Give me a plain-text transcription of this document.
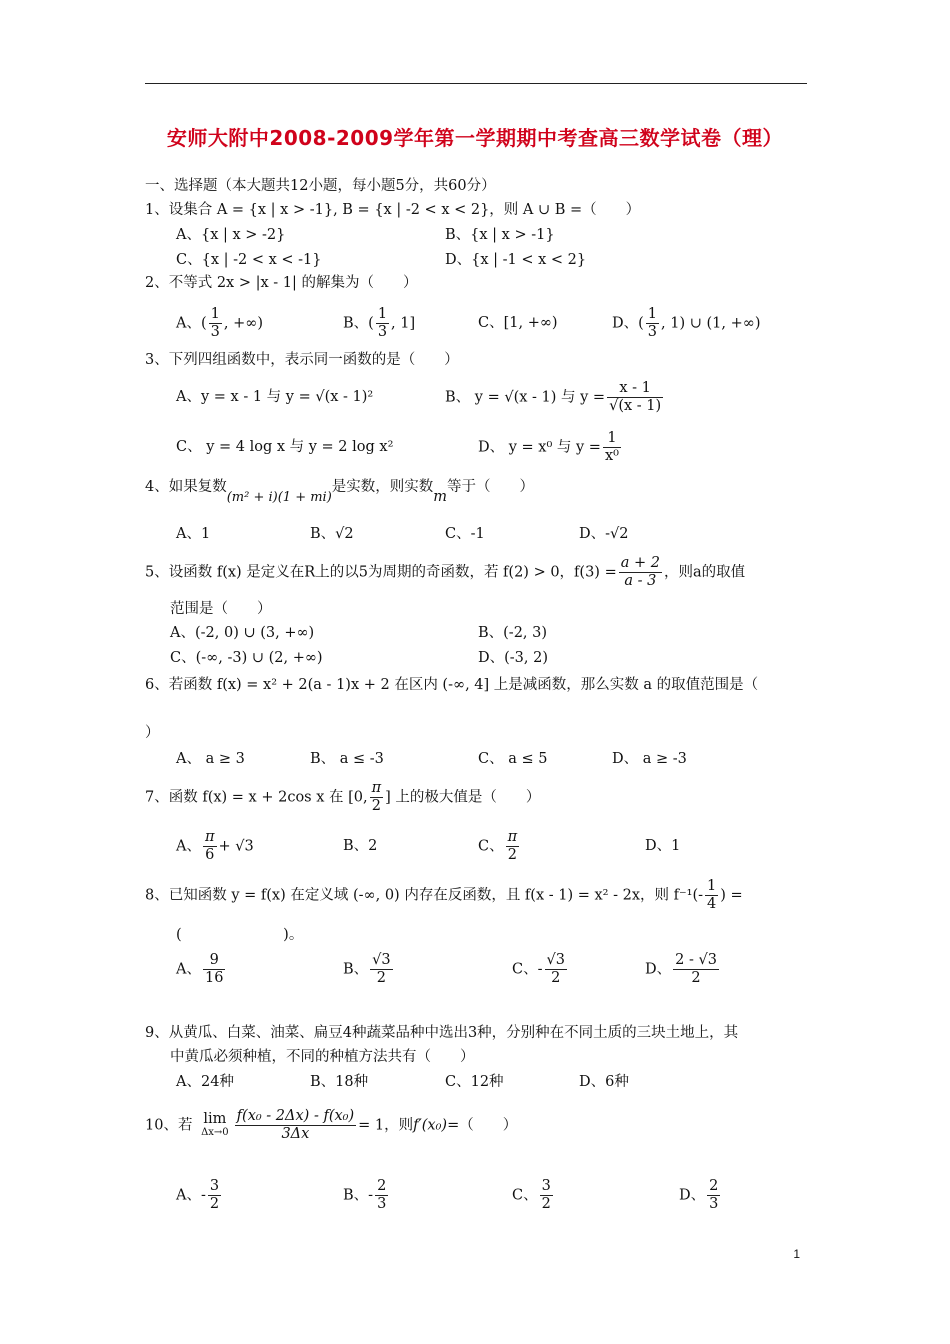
安师大附中2008-2009学年第一学期期中考查高三数学试卷（理）
一、选择题（本大题共12小题，每小题5分，共60分）
1、设集合 A = {x | x > -1}, B = {x | -2 < x < 2}，则 A ∪ B =（　　）
A、{x | x > -2}	B、{x | x > -1}
C、{x | -2 < x < -1}	D、{x | -1 < x < 2}
2、不等式 2x > |x - 1| 的解集为（　　）
A、( $\frac{1}{3}$ , +∞)	B、( $\frac{1}{3}$ , 1]	C、[1, +∞)	D、( $\frac{1}{3}$ , 1) ∪ (1, +∞)
3、下列四组函数中，表示同一函数的是（　　）
A、y = x - 1 与 y = √(x - 1)²	B、 y = √(x - 1) 与 $y = \frac{x - 1}{√(x - 1)}$
C、 y = 4 log x 与 y = 2 log x²	D、 y = x⁰ 与 $y = \frac{1}{\text{x⁰}}$
4、如果复数(m² + i)(1 + mi)是实数，则实数m等于（　　）
A、1	B、√2	C、-1	D、-√2
5、设函数 f(x) 是定义在R上的以5为周期的奇函数，若 f(2) > 0，$f(3) = \frac{a + 2}{a - 3}$ ，则a的取值
范围是（　　）
A、(-2, 0) ∪ (3, +∞)	B、(-2, 3)
C、(-∞, -3) ∪ (2, +∞)	D、(-3, 2)
6、若函数 f(x) = x² + 2(a - 1)x + 2 在区内 (-∞, 4] 上是减函数，那么实数 a 的取值范围是（
）
A、 a ≥ 3	B、 a ≤ -3	C、 a ≤ 5	D、 a ≥ -3
7、函数 f(x) = x + 2cos x 在 [0, $\frac{\pi}{2}$ ] 上的极大值是（　　）
A、 $\frac{\pi}{6} + √3$	B、2	C、 $\frac{\pi}{2}$	D、1
8、已知函数 y = f(x) 在定义域 (-∞, 0) 内存在反函数，且 f(x - 1) = x² - 2x，则 $f^{-1}(- \frac{1}{4}$ ) =
(　　　　　　　)。
A、 $\frac{9}{16}$	B、 $\frac{√3}{2}$	C、- $\frac{√3}{2}$	D、 $\frac{2 - √3}{2}$
9、从黄瓜、白菜、油菜、扁豆4种蔬菜品种中选出3种，分别种在不同土质的三块土地上，其
中黄瓜必须种植，不同的种植方法共有（　　）
A、24种	B、18种	C、12种	D、6种
10、若 lim
$\Delta x\to 0 \frac{\text{f(x₀ - 2Δx) - f(x₀)}}{3\Delta x} = 1$，则f′(x₀)=（　　）
A、- $\frac{3}{2}$	B、- $\frac{2}{3}$	C、 $\frac{3}{2}$	D、 $\frac{2}{3}$
1
